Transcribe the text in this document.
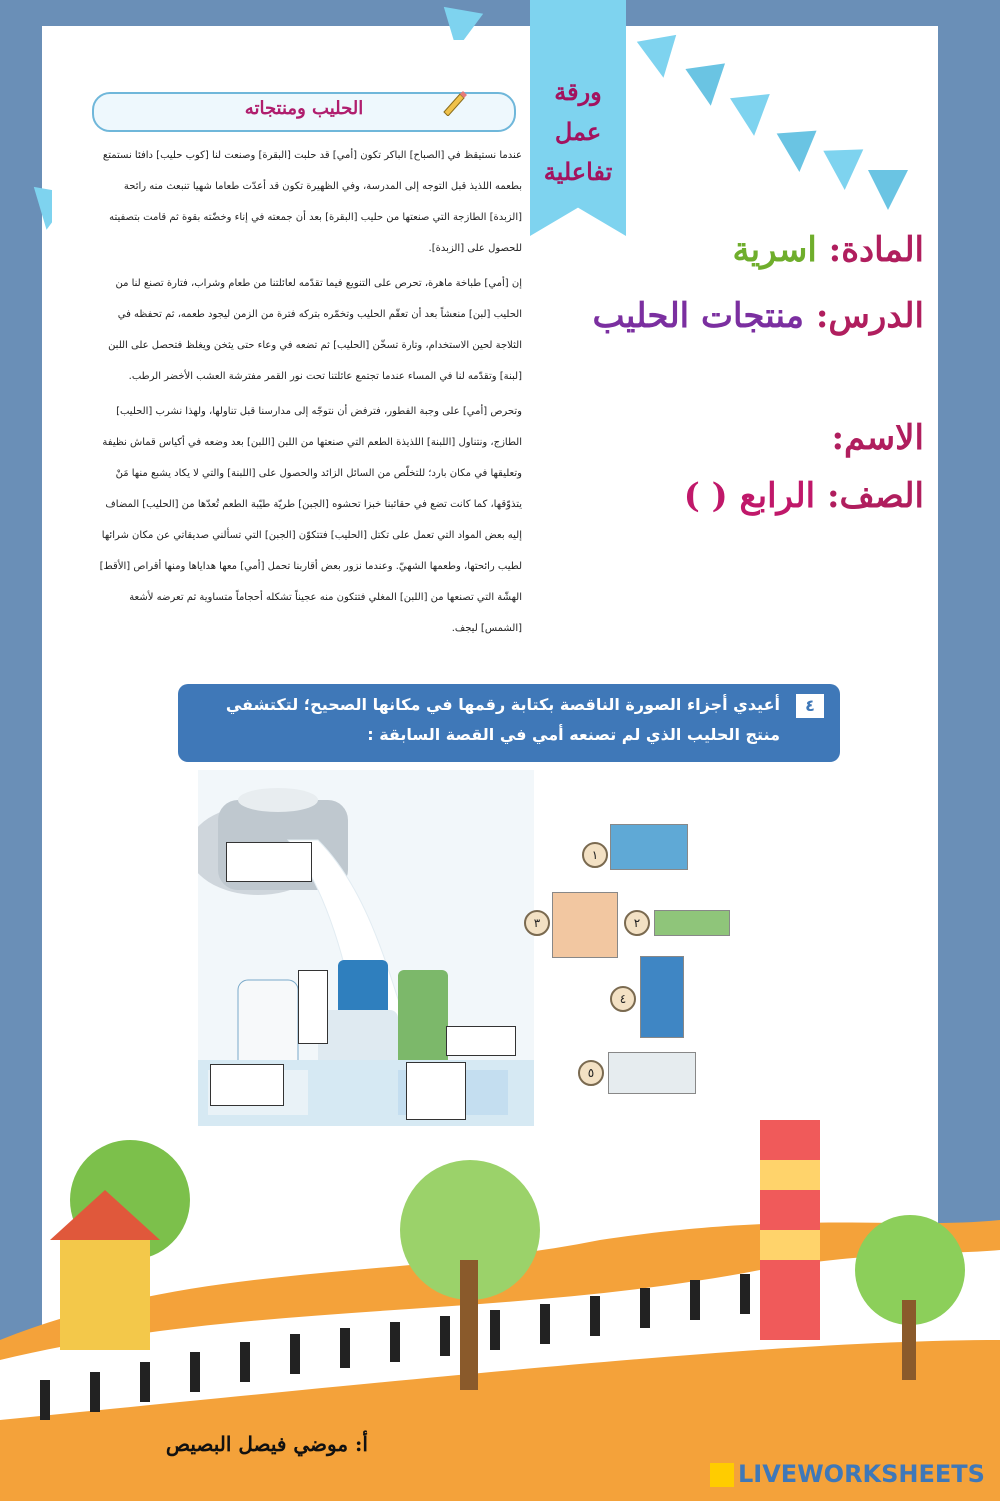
الحليب ومنتجاته

عندما نستيقظ في [الصباح] الباكر تكون [أمي] قد حلبت [البقرة] وصنعت لنا [كوب حليب] دافئا نستمتع بطعمه اللذيذ قبل التوجه إلى المدرسة، وفي الظهيرة تكون قد أعدّت طعاما شهيا تنبعث منه رائحة [الزبدة] الطازجة التي صنعتها من حليب [البقرة] بعد أن جمعته في إناء وخضّته بقوة ثم قامت بتصفيته للحصول على [الزبدة].

إن [أمي] طباخة ماهرة، تحرص على التنويع فيما تقدّمه لعائلتنا من طعام وشراب، فتارة تصنع لنا من الحليب [لبن] منعشاً بعد أن تعقّم الحليب وتخمّره بتركه فترة من الزمن ليجود طعمه، ثم تحفظه في الثلاجة لحين الاستخدام، وتارة تسخّن [الحليب] ثم تضعه في وعاء حتى يثخن ويغلظ فتحصل على اللبن [لبنة] وتقدّمه لنا في المساء عندما تجتمع عائلتنا تحت نور القمر مفترشة العشب الأخضر الرطب.

وتحرص [أمي] على وجبة الفطور، فترفض أن نتوجّه إلى مدارسنا قبل تناولها، ولهذا نشرب [الحليب] الطازج، ونتناول [اللبنة] اللذيذة الطعم التي صنعتها من اللبن [اللبن] بعد وضعه في أكياس قماش نظيفة وتعليقها في مكان بارد؛ للتخلّص من السائل الزائد والحصول على [اللبنة] والتي لا يكاد يشبع منها مَنْ يتذوّقها، كما كانت تضع في حقائبنا خبزا تحشوه [الجبن] طريّة طيّبة الطعم تُعدّها من [الحليب] المضاف إليه بعض المواد التي تعمل على تكتل [الحليب] فتتكوّن [الجبن] التي تسألني صديقاتي عن مكان شرائها لطيب رائحتها، وطعمها الشهيّ. وعندما نزور بعض أقاربنا تحمل [أمي] معها هداياها ومنها أقراص [الأقط] الهشّة التي تصنعها من [اللبن] المغلي فتتكون منه عجيناً تشكله أحجاماً متساوية ثم تعرضه لأشعة [الشمس] ليجف.

ورقة
عمل
تفاعلية
المادة: اسرية
الدرس: منتجات الحليب
الاسم:
الصف: الرابع ( )
٤
أعيدي أجزاء الصورة الناقصة بكتابة رقمها في مكانها الصحيح؛ لتكتشفي منتج الحليب الذي لم تصنعه أمي في القصة السابقة :
١
٢
٣
٤
٥
أ: موضي فيصل البصيص
LIVEWORKSHEETS
